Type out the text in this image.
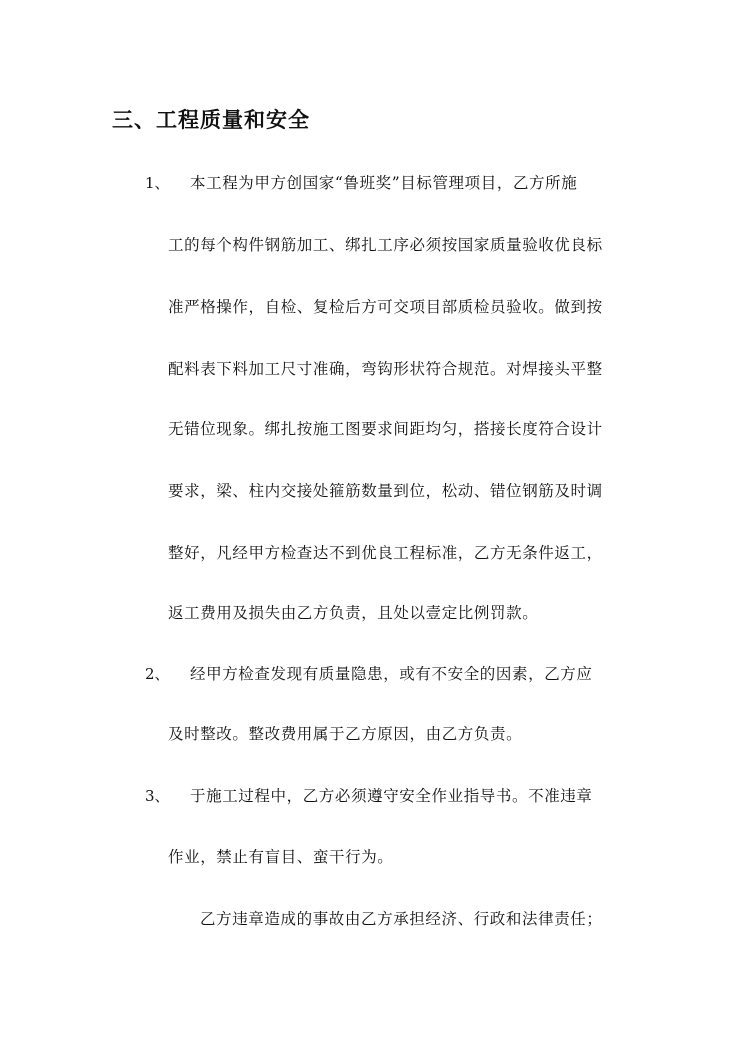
三、工程质量和安全
1、 本工程为甲方创国家“鲁班奖”目标管理项目，乙方所施
工的每个构件钢筋加工、绑扎工序必须按国家质量验收优良标
准严格操作，自检、复检后方可交项目部质检员验收。做到按
配料表下料加工尺寸准确，弯钩形状符合规范。对焊接头平整
无错位现象。绑扎按施工图要求间距均匀，搭接长度符合设计
要求，梁、柱内交接处箍筋数量到位，松动、错位钢筋及时调
整好，凡经甲方检查达不到优良工程标准，乙方无条件返工，
返工费用及损失由乙方负责，且处以壹定比例罚款。
2、 经甲方检查发现有质量隐患，或有不安全的因素，乙方应
及时整改。整改费用属于乙方原因，由乙方负责。
3、 于施工过程中，乙方必须遵守安全作业指导书。不准违章
作业，禁止有盲目、蛮干行为。
乙方违章造成的事故由乙方承担经济、行政和法律责任；
